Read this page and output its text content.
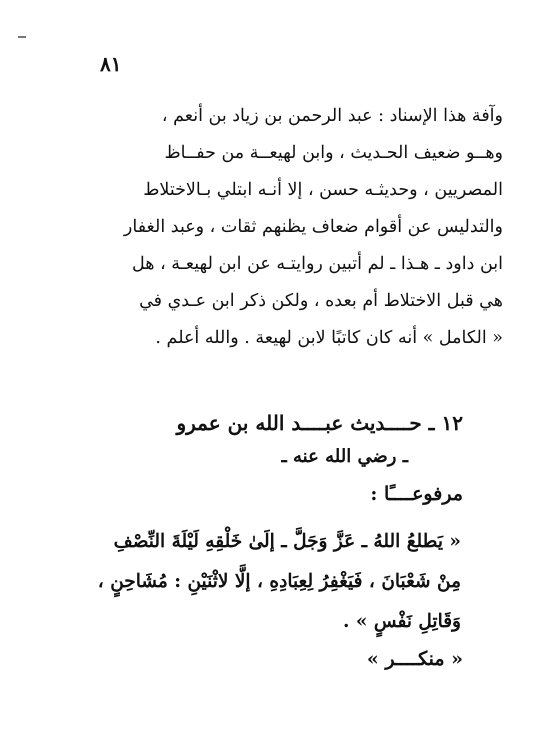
٨١

وآفة هذا الإسناد : عبد الرحمن بن زياد بن أنعم ،

وهــو ضعيف الحـديث ، وابن لهيعــة من حفــاظ

المصريين ، وحديثـه حسن ، إلا أنـه ابتلي بـالاختلاط

والتدليس عن أقوام ضعاف يظنهم ثقات ، وعبد الغفار

ابن داود ـ هـذا ـ لم أتبين روايتـه عن ابن لهيعـة ، هل

هي قبل الاختلاط أم بعده ، ولكن ذكر ابن عـدي في

« الكامل » أنه كان كاتبًا لابن لهيعة . والله أعلم .

١٢ ـ حــــديث عبــــد الله بن عمرو
ـ رضي الله عنه ـ
مرفوعــــًا :

« يَطلعُ اللهُ ـ عَزَّ وَجَلَّ ـ إلَىٰ خَلْقِهِ لَيْلَةَ النِّصْفِ

مِنْ شَعْبَانَ ، فَيَغْفِرُ لِعِبَادِهِ ، إلَّا لاثْنَيْنِ : مُشَاحِنٍ ،

وَقَاتِلِ نَفْسٍ » .

« منكــــر »
